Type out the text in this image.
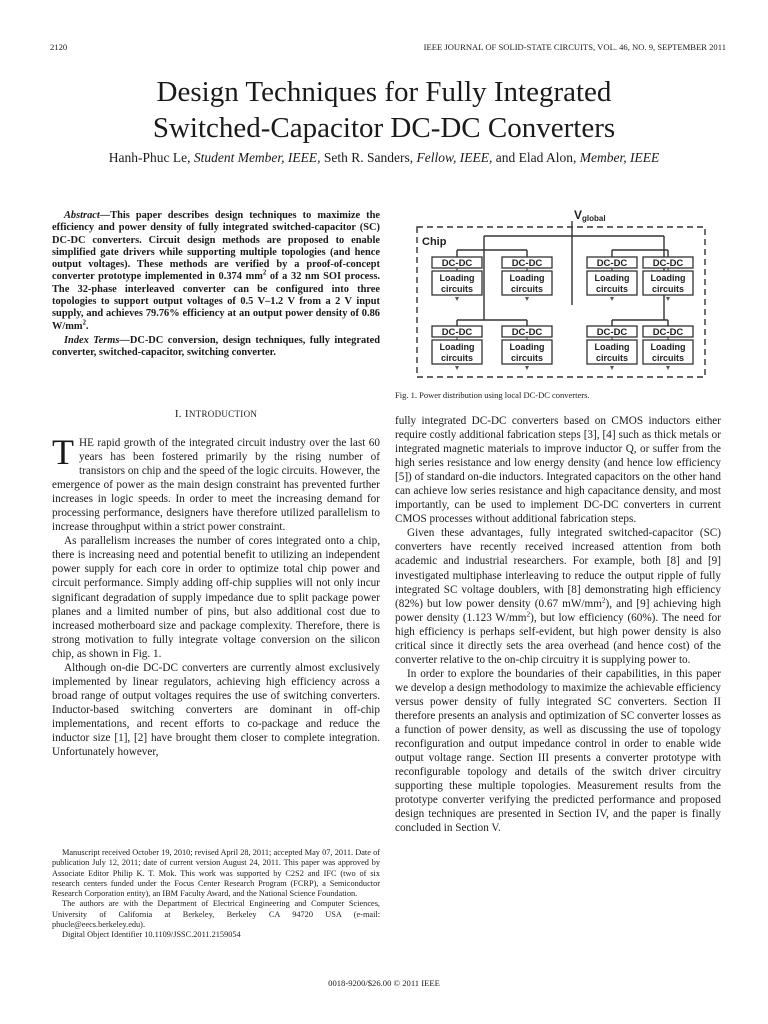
2120	IEEE JOURNAL OF SOLID-STATE CIRCUITS, VOL. 46, NO. 9, SEPTEMBER 2011
Design Techniques for Fully Integrated
Switched-Capacitor DC-DC Converters
Hanh-Phuc Le, Student Member, IEEE, Seth R. Sanders, Fellow, IEEE, and Elad Alon, Member, IEEE

Abstract—This paper describes design techniques to maximize the efficiency and power density of fully integrated switched-capacitor (SC) DC-DC converters. Circuit design methods are proposed to enable simplified gate drivers while supporting multiple topologies (and hence output voltages). These methods are verified by a proof-of-concept converter prototype implemented in 0.374 $mm^2$ of a 32 nm SOI process. The 32-phase interleaved converter can be configured into three topologies to support output voltages of 0.5 V–1.2 V from a 2 V input supply, and achieves 79.76% efficiency at an output power density of 0.86 $W/mm^2$.

Index Terms—DC-DC conversion, design techniques, fully integrated converter, switched-capacitor, switching converter.

I. INTRODUCTION

THE rapid growth of the integrated circuit industry over the last 60 years has been fostered primarily by the rising number of transistors on chip and the speed of the logic circuits. However, the emergence of power as the main design constraint has prevented further increases in logic speeds. In order to meet the increasing demand for processing performance, designers have therefore utilized parallelism to increase throughput within a strict power constraint.

As parallelism increases the number of cores integrated onto a chip, there is increasing need and potential benefit to utilizing an independent power supply for each core in order to optimize total chip power and circuit performance. Simply adding off-chip supplies will not only incur significant degradation of supply impedance due to split package power planes and a limited number of pins, but also additional cost due to increased motherboard size and package complexity. Therefore, there is strong motivation to fully integrate voltage conversion on the silicon chip, as shown in Fig. 1.

Although on-die DC-DC converters are currently almost exclusively implemented by linear regulators, achieving high efficiency across a broad range of output voltages requires the use of switching converters. Inductor-based switching converters are dominant in off-chip implementations, and recent efforts to co-package and reduce the inductor size [1], [2] have brought them closer to complete integration. Unfortunately however,

Manuscript received October 19, 2010; revised April 28, 2011; accepted May 07, 2011. Date of publication July 12, 2011; date of current version August 24, 2011. This paper was approved by Associate Editor Philip K. T. Mok. This work was supported by C2S2 and IFC (two of six research centers funded under the Focus Center Research Program (FCRP), a Semiconductor Research Corporation entity), an IBM Faculty Award, and the National Science Foundation.

The authors are with the Department of Electrical Engineering and Computer Sciences, University of California at Berkeley, Berkeley CA 94720 USA (e-mail: phucle@eecs.berkeley.edu).

Digital Object Identifier 10.1109/JSSC.2011.2159054

Vglobal
Chip
DC-DC
Loading
circuits
DC-DC
Loading
circuits
DC-DC
Loading
circuits
DC-DC
Loading
circuits
DC-DC
Loading
circuits
DC-DC
Loading
circuits
DC-DC
Loading
circuits
DC-DC
Loading
circuits
Fig. 1. Power distribution using local DC-DC converters.

fully integrated DC-DC converters based on CMOS inductors either require costly additional fabrication steps [3], [4] such as thick metals or integrated magnetic materials to improve inductor Q, or suffer from the high series resistance and low energy density (and hence low efficiency [5]) of standard on-die inductors. Integrated capacitors on the other hand can achieve low series resistance and high capacitance density, and most importantly, can be used to implement DC-DC converters in current CMOS processes without additional fabrication steps.

Given these advantages, fully integrated switched-capacitor (SC) converters have recently received increased attention from both academic and industrial researchers. For example, both [8] and [9] investigated multiphase interleaving to reduce the output ripple of fully integrated SC voltage doublers, with [8] demonstrating high efficiency (82%) but low power density (0.67 $mW/mm^2$), and [9] achieving high power density (1.123 $W/mm^2$), but low efficiency (60%). The need for high efficiency is perhaps self-evident, but high power density is also critical since it directly sets the area overhead (and hence cost) of the converter relative to the on-chip circuitry it is supplying power to.

In order to explore the boundaries of their capabilities, in this paper we develop a design methodology to maximize the achievable efficiency versus power density of fully integrated SC converters. Section II therefore presents an analysis and optimization of SC converter losses as a function of power density, as well as discussing the use of topology reconfiguration and output impedance control in order to enable wide output voltage range. Section III presents a converter prototype with reconfigurable topology and details of the switch driver circuitry supporting these multiple topologies. Measurement results from the prototype converter verifying the predicted performance and proposed design techniques are presented in Section IV, and the paper is finally concluded in Section V.

0018-9200/$26.00 © 2011 IEEE
